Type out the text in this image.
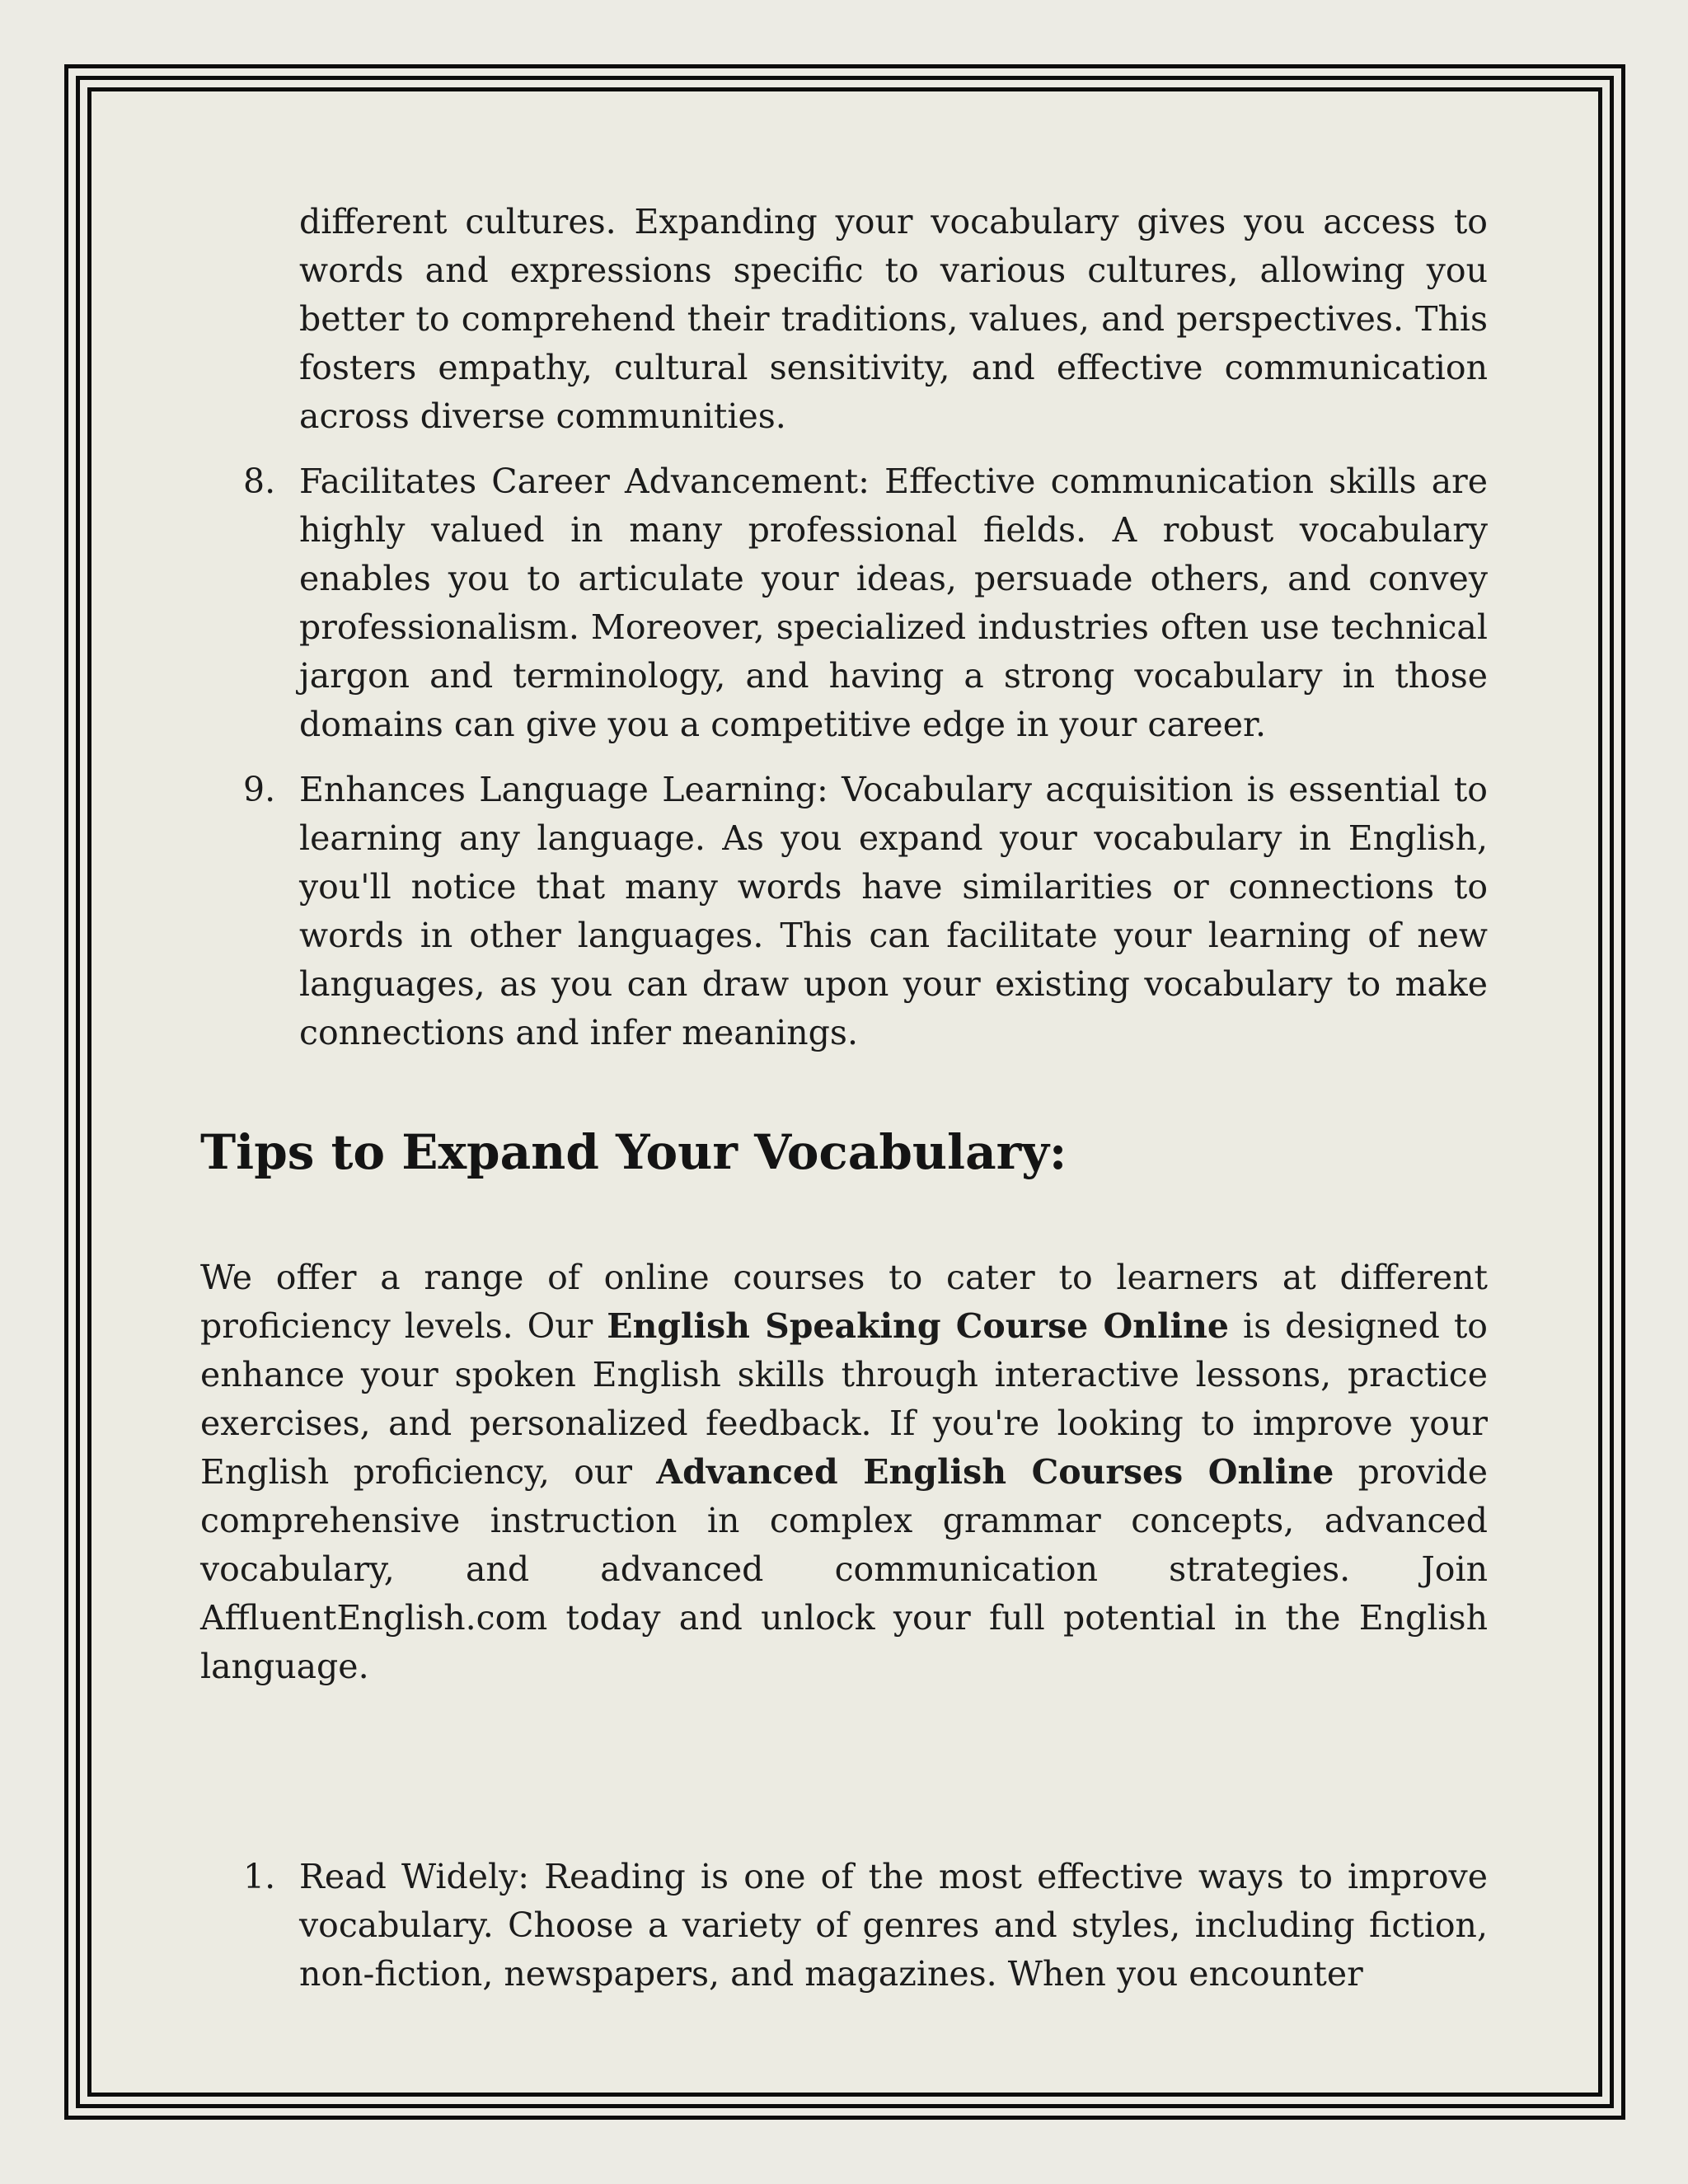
different cultures. Expanding your vocabulary gives you access to words and expressions specific to various cultures, allowing you better to comprehend their traditions, values, and perspectives. This fosters empathy, cultural sensitivity, and effective communication across diverse communities.
8. Facilitates Career Advancement: Effective communication skills are highly valued in many professional fields. A robust vocabulary enables you to articulate your ideas, persuade others, and convey professionalism. Moreover, specialized industries often use technical jargon and terminology, and having a strong vocabulary in those domains can give you a competitive edge in your career.
9. Enhances Language Learning: Vocabulary acquisition is essential to learning any language. As you expand your vocabulary in English, you'll notice that many words have similarities or connections to words in other languages. This can facilitate your learning of new languages, as you can draw upon your existing vocabulary to make connections and infer meanings.
Tips to Expand Your Vocabulary:
We offer a range of online courses to cater to learners at different proficiency levels. Our English Speaking Course Online is designed to enhance your spoken English skills through interactive lessons, practice exercises, and personalized feedback. If you're looking to improve your English proficiency, our Advanced English Courses Online provide comprehensive instruction in complex grammar concepts, advanced vocabulary, and advanced communication strategies. Join AffluentEnglish.com today and unlock your full potential in the English language.
1. Read Widely: Reading is one of the most effective ways to improve vocabulary. Choose a variety of genres and styles, including fiction, non-fiction, newspapers, and magazines. When you encounter
